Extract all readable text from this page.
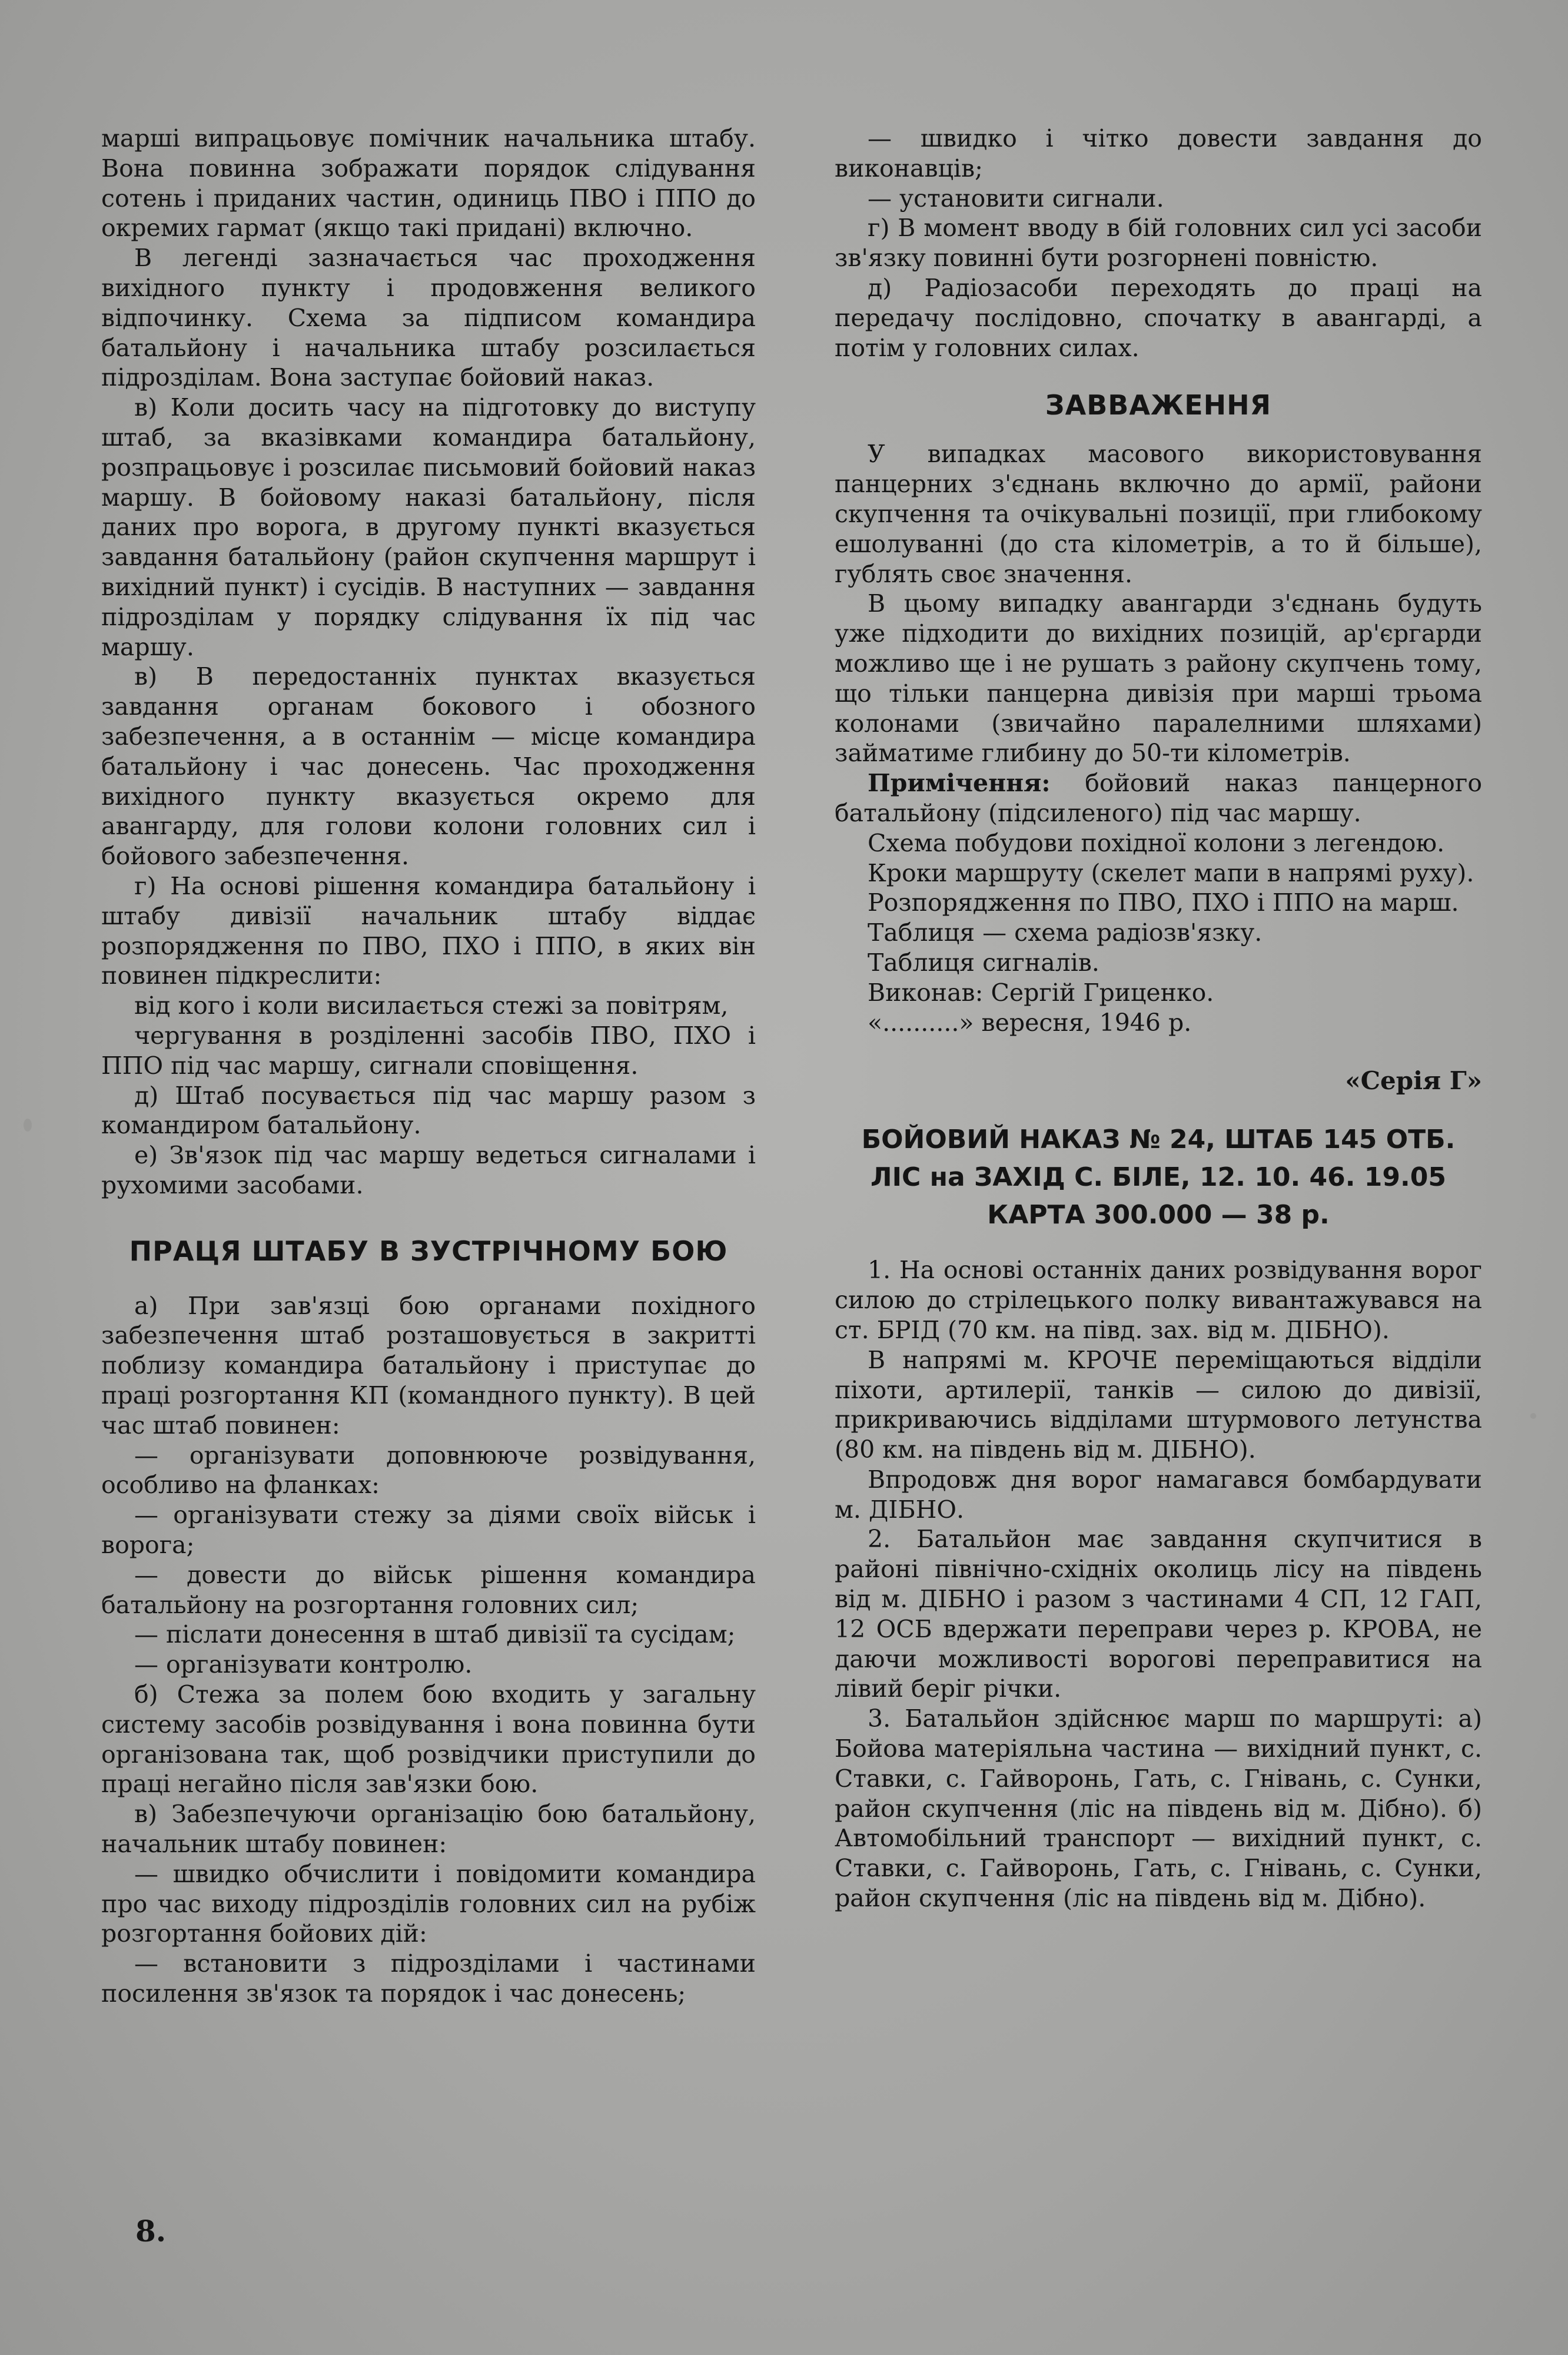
марші випрацьовує помічник начальника штабу. Вона повинна зображати порядок слідування сотень і приданих частин, одиниць ПВО і ППО до окремих гармат (якщо такі придані) включно.

В легенді зазначається час проходження вихідного пункту і продовження великого відпочинку. Схема за підписом командира батальйону і начальника штабу розсилається підрозділам. Вона заступає бойовий наказ.

в) Коли досить часу на підготовку до виступу штаб, за вказівками командира батальйону, розпрацьовує і розсилає письмовий бойовий наказ маршу. В бойовому наказі батальйону, після даних про ворога, в другому пункті вказується завдання батальйону (район скупчення маршрут і вихідний пункт) і сусідів. В наступних — завдання підрозділам у порядку слідування їх під час маршу.

в) В передостанніх пунктах вказується завдання органам бокового і обозного забезпечення, а в останнім — місце командира батальйону і час донесень. Час проходження вихідного пункту вказується окремо для авангарду, для голови колони головних сил і бойового забезпечення.

г) На основі рішення командира батальйону і штабу дивізії начальник штабу віддає розпорядження по ПВО, ПХО і ППО, в яких він повинен підкреслити:

від кого і коли висилається стежі за повітрям,

чергування в розділенні засобів ПВО, ПХО і ППО під час маршу, сигнали сповіщення.

д) Штаб посувається під час маршу разом з командиром батальйону.

е) Зв'язок під час маршу ведеться сигналами і рухомими засобами.

ПРАЦЯ ШТАБУ В ЗУСТРІЧНОМУ БОЮ

а) При зав'язці бою органами похідного забезпечення штаб розташовується в закритті поблизу командира батальйону і приступає до праці розгортання КП (командного пункту). В цей час штаб повинен:

— організувати доповнююче розвідування, особливо на фланках:

— організувати стежу за діями своїх військ і ворога;

— довести до військ рішення командира батальйону на розгортання головних сил;

— післати донесення в штаб дивізії та сусідам;

— організувати контролю.

б) Стежа за полем бою входить у загальну систему засобів розвідування і вона повинна бути організована так, щоб розвідчики приступили до праці негайно після зав'язки бою.

в) Забезпечуючи організацію бою батальйону, начальник штабу повинен:

— швидко обчислити і повідомити командира про час виходу підрозділів головних сил на рубіж розгортання бойових дій:

— встановити з підрозділами і частинами посилення зв'язок та порядок і час донесень;

— швидко і чітко довести завдання до виконавців;

— установити сигнали.

г) В момент вводу в бій головних сил усі засоби зв'язку повинні бути розгорнені повністю.

д) Радіозасоби переходять до праці на передачу послідовно, спочатку в авангарді, а потім у головних силах.

ЗАВВАЖЕННЯ

У випадках масового використовування панцерних з'єднань включно до армії, райони скупчення та очікувальні позиції, при глибокому ешолуванні (до ста кілометрів, а то й більше), гублять своє значення.

В цьому випадку авангарди з'єднань будуть уже підходити до вихідних позицій, ар'єргарди можливо ще і не рушать з району скупчень тому, що тільки панцерна дивізія при марші трьома колонами (звичайно паралелними шляхами) займатиме глибину до 50-ти кілометрів.

Примічення: бойовий наказ панцерного батальйону (підсиленого) під час маршу.

Схема побудови похідної колони з легендою.

Кроки маршруту (скелет мапи в напрямі руху).

Розпорядження по ПВО, ПХО і ППО на марш.

Таблиця — схема радіозв'язку.

Таблиця сигналів.

Виконав: Сергій Гриценко.

«..........» вересня, 1946 р.

«Серія Г»
БОЙОВИЙ НАКАЗ № 24, ШТАБ 145 ОТБ.
ЛІС на ЗАХІД С. БІЛЕ, 12. 10. 46. 19.05
КАРТА 300.000 — 38 р.

1. На основі останніх даних розвідування ворог силою до стрілецького полку вивантажувався на ст. БРІД (70 км. на півд. зах. від м. ДІБНО).

В напрямі м. КРОЧЕ переміщаються відділи піхоти, артилерії, танків — силою до дивізії, прикриваючись відділами штурмового летунства (80 км. на південь від м. ДІБНО).

Впродовж дня ворог намагався бомбардувати м. ДІБНО.

2. Батальйон має завдання скупчитися в районі північно-східніх околиць лісу на південь від м. ДІБНО і разом з частинами 4 СП, 12 ГАП, 12 ОСБ вдержати переправи через р. КРОВА, не даючи можливості ворогові переправитися на лівий беріг річки.

3. Батальйон здійснює марш по маршруті: а) Бойова матеріяльна частина — вихідний пункт, с. Ставки, с. Гайворонь, Гать, с. Гнівань, с. Сунки, район скупчення (ліс на південь від м. Дібно). б) Автомобільний транспорт — вихідний пункт, с. Ставки, с. Гайворонь, Гать, с. Гнівань, с. Сунки, район скупчення (ліс на південь від м. Дібно).

8.
